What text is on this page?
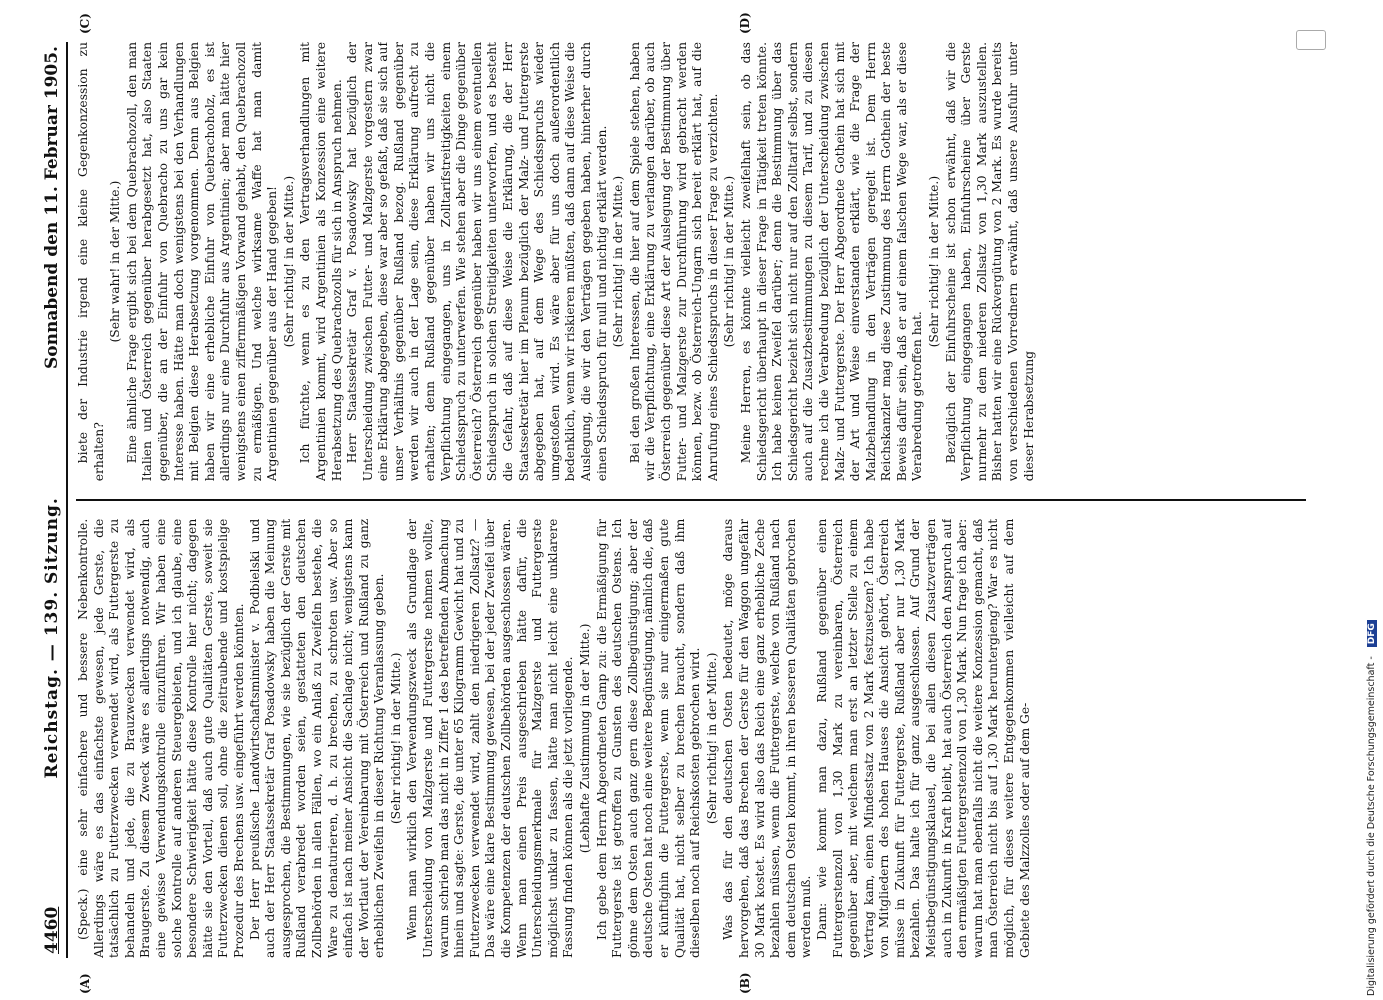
4460
Reichstag. — 139. Sitzung.
Sonnabend den 11. Februar 1905.
(A)	(B)
(C)	(D)

(Speck.) eine sehr einfachere und bessere Nebenkontrolle. Allerdings wäre es das einfachste gewesen, jede Gerste, die tatsächlich zu Futterzwecken verwendet wird, als Futtergerste zu behandeln und jede, die zu Brauzwecken verwendet wird, als Braugerste. Zu diesem Zweck wäre es allerdings notwendig, auch eine gewisse Verwendungskontrolle einzuführen. Wir haben eine solche Kontrolle auf anderen Steuergebieten, und ich glaube, eine besondere Schwierigkeit hätte diese Kontrolle hier nicht; dagegen hätte sie den Vorteil, daß auch gute Qualitäten Gerste, soweit sie Futterzwecken dienen soll, ohne die zeitraubende und kostspielige Prozedur des Brechens usw. eingeführt werden könnten. Der Herr preußische Landwirtschaftsminister v. Podbielski und auch der Herr Staatssekretär Graf Posadowsky haben die Meinung ausgesprochen, die Bestimmungen, wie sie bezüglich der Gerste mit Rußland verabredet worden seien, gestatteten den deutschen Zollbehörden in allen Fällen, wo ein Anlaß zu Zweifeln bestehe, die Ware zu denaturieren, d. h. zu brechen, zu schroten usw. Aber so einfach ist nach meiner Ansicht die Sachlage nicht; wenigstens kann der Wortlaut der Vereinbarung mit Österreich und Rußland zu ganz erheblichen Zweifeln in dieser Richtung Veranlassung geben. (Sehr richtig! in der Mitte.) Wenn man wirklich den Verwendungszweck als Grundlage der Unterscheidung von Malzgerste und Futtergerste nehmen wollte, warum schrieb man das nicht in Ziffer 1 des betreffenden Abmachung hinein und sagte: Gerste, die unter 65 Kilogramm Gewicht hat und zu Futterzwecken verwendet wird, zahlt den niedrigeren Zollsatz? — Das wäre eine klare Bestimmung gewesen, bei der jeder Zweifel über die Kompetenzen der deutschen Zollbehörden ausgeschlossen wären. Wenn man einen Preis ausgeschrieben hätte dafür, die Unterscheidungsmerkmale für Malzgerste und Futtergerste möglichst unklar zu fassen, hätte man nicht leicht eine unklarere Fassung finden können als die jetzt vorliegende. (Lebhafte Zustimmung in der Mitte.) Ich gebe dem Herrn Abgeordneten Gamp zu: die Ermäßigung für Futtergerste ist getroffen zu Gunsten des deutschen Ostens. Ich gönne dem Osten auch ganz gern diese Zollbegünstigung; aber der deutsche Osten hat noch eine weitere Begünstigung, nämlich die, daß er künftighin die Futtergerste, wenn sie nur einigermaßen gute Qualität hat, nicht selber zu brechen braucht, sondern daß ihm dieselben noch auf Reichskosten gebrochen wird. (Sehr richtig! in der Mitte.) Was das für den deutschen Osten bedeutet, möge daraus hervorgehen, daß das Brechen der Gerste für den Waggon ungefähr 30 Mark kostet. Es wird also das Reich eine ganz erhebliche Zeche bezahlen müssen, wenn die Futtergerste, welche von Rußland nach dem deutschen Osten kommt, in ihren besseren Qualitäten gebrochen werden muß. Dann: wie kommt man dazu, Rußland gegenüber einen Futtergerstenzoll von 1,30 Mark zu vereinbaren, Österreich gegenüber aber, mit welchem man erst an letzter Stelle zu einem Vertrag kam, einen Mindestsatz von 2 Mark festzusetzen? Ich habe von Mitgliedern des hohen Hauses die Ansicht gehört, Österreich müsse in Zukunft für Futtergerste, Rußland aber nur 1,30 Mark bezahlen. Das halte ich für ganz ausgeschlossen. Auf Grund der Meistbegünstigungsklausel, die bei allen diesen Zusatzverträgen auch in Zukunft in Kraft bleibt, hat auch Österreich den Anspruch auf den ermäßigten Futtergerstenzoll von 1,30 Mark. Nun frage ich aber: warum hat man ebenfalls nicht die weitere Konzession gemacht, daß man Österreich nicht bis auf 1,30 Mark heruntergieng? War es nicht möglich, für dieses weitere Entgegenkommen vielleicht auf dem Gebiete des Malzzolles oder auf dem Ge-

biete der Industrie irgend eine kleine Gegenkonzession zu erhalten?

(Sehr wahr! in der Mitte.) Eine ähnliche Frage ergibt sich bei dem Quebrachozoll, den man Italien und Österreich gegenüber herabgesetzt hat, also Staaten gegenüber, die an der Einfuhr von Quebracho zu uns gar kein Interesse haben. Hätte man doch wenigstens bei den Verhandlungen mit Belgien diese Herabsetzung vorgenommen. Denn aus Belgien haben wir eine erhebliche Einfuhr von Quebrachoholz, es ist allerdings nur eine Durchfuhr aus Argentinien; aber man hätte hier wenigstens einen ziffernmäßigen Vorwand gehabt, den Quebrachozoll zu ermäßigen. Und welche wirksame Waffe hat man damit Argentinien gegenüber aus der Hand gegeben! (Sehr richtig! in der Mitte.) Ich fürchte, wenn es zu den Vertragsverhandlungen mit Argentinien kommt, wird Argentinien als Konzession eine weitere Herabsetzung des Quebrachozolls für sich in Anspruch nehmen. Herr Staatssekretär Graf v. Posadowsky hat bezüglich der Unterscheidung zwischen Futter- und Malzgerste vorgestern zwar eine Erklärung abgegeben, diese war aber so gefaßt, daß sie sich auf unser Verhältnis gegenüber Rußland bezog. Rußland gegenüber werden wir auch in der Lage sein, diese Erklärung aufrecht zu erhalten; denn Rußland gegenüber haben wir uns nicht die Verpflichtung eingegangen, uns in Zolltarifstreitigkeiten einem Schiedsspruch zu unterwerfen. Wie stehen aber die Dinge gegenüber Österreich? Österreich gegenüber haben wir uns einem eventuellen Schiedsspruch in solchen Streitigkeiten unterworfen, und es besteht die Gefahr, daß auf diese Weise die Erklärung, die der Herr Staatssekretär hier im Plenum bezüglich der Malz- und Futtergerste abgegeben hat, auf dem Wege des Schiedsspruchs wieder umgestoßen wird. Es wäre aber für uns doch außerordentlich bedenklich, wenn wir riskieren müßten, daß dann auf diese Weise die Auslegung, die wir den Verträgen gegeben haben, hinterher durch einen Schiedsspruch für null und nichtig erklärt werden. (Sehr richtig! in der Mitte.) Bei den großen Interessen, die hier auf dem Spiele stehen, haben wir die Verpflichtung, eine Erklärung zu verlangen darüber, ob auch Österreich gegenüber diese Art der Auslegung der Bestimmung über Futter- und Malzgerste zur Durchführung wird gebracht werden können, bezw. ob Österreich-Ungarn sich bereit erklärt hat, auf die Anrufung eines Schiedsspruchs in dieser Frage zu verzichten. (Sehr richtig! in der Mitte.) Meine Herren, es könnte vielleicht zweifelhaft sein, ob das Schiedsgericht überhaupt in dieser Frage in Tätigkeit treten könnte. Ich habe keinen Zweifel darüber; denn die Bestimmung über das Schiedsgericht bezieht sich nicht nur auf den Zolltarif selbst, sondern auch auf die Zusatzbestimmungen zu diesem Tarif, und zu diesen rechne ich die Verabredung bezüglich der Unterscheidung zwischen Malz- und Futtergerste. Der Herr Abgeordnete Gothein hat sich mit der Art und Weise einverstanden erklärt, wie die Frage der Malzbehandlung in den Verträgen geregelt ist. Dem Herrn Reichskanzler mag diese Zustimmung des Herrn Gothein der beste Beweis dafür sein, daß er auf einem falschen Wege war, als er diese Verabredung getroffen hat.

(Sehr richtig! in der Mitte.) Bezüglich der Einfuhrscheine ist schon erwähnt, daß wir die Verpflichtung eingegangen haben, Einfuhrscheine über Gerste nurmehr zu dem niederen Zollsatz von 1,30 Mark auszustellen. Bisher hatten wir eine Rückvergütung von 2 Mark. Es wurde bereits von verschiedenen Vorrednern erwähnt, daß unsere Ausfuhr unter dieser Herabsetzung

Digitalisierung gefördert durch die Deutsche Forschungsgemeinschaft - DFG
